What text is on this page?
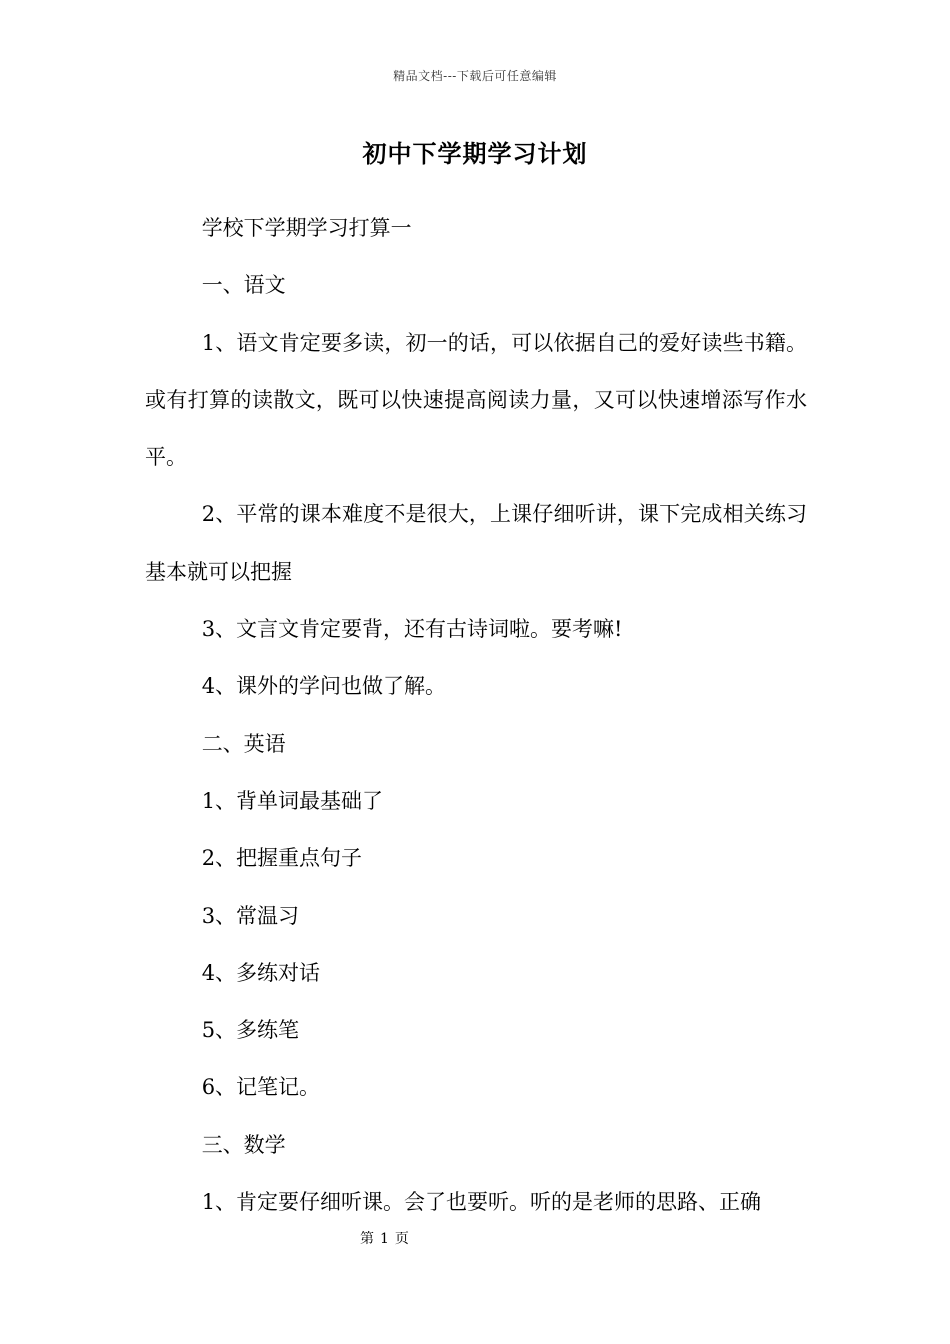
精品文档---下载后可任意编辑
初中下学期学习计划

学校下学期学习打算一

一、语文

1、语文肯定要多读，初一的话，可以依据自己的爱好读些书籍。或有打算的读散文，既可以快速提高阅读力量，又可以快速增添写作水平。

2、平常的课本难度不是很大，上课仔细听讲，课下完成相关练习基本就可以把握

3、文言文肯定要背，还有古诗词啦。要考嘛!

4、课外的学问也做了解。

二、英语

1、背单词最基础了

2、把握重点句子

3、常温习

4、多练对话

5、多练笔

6、记笔记。

三、数学

1、肯定要仔细听课。会了也要听。听的是老师的思路、正确

第 1 页
